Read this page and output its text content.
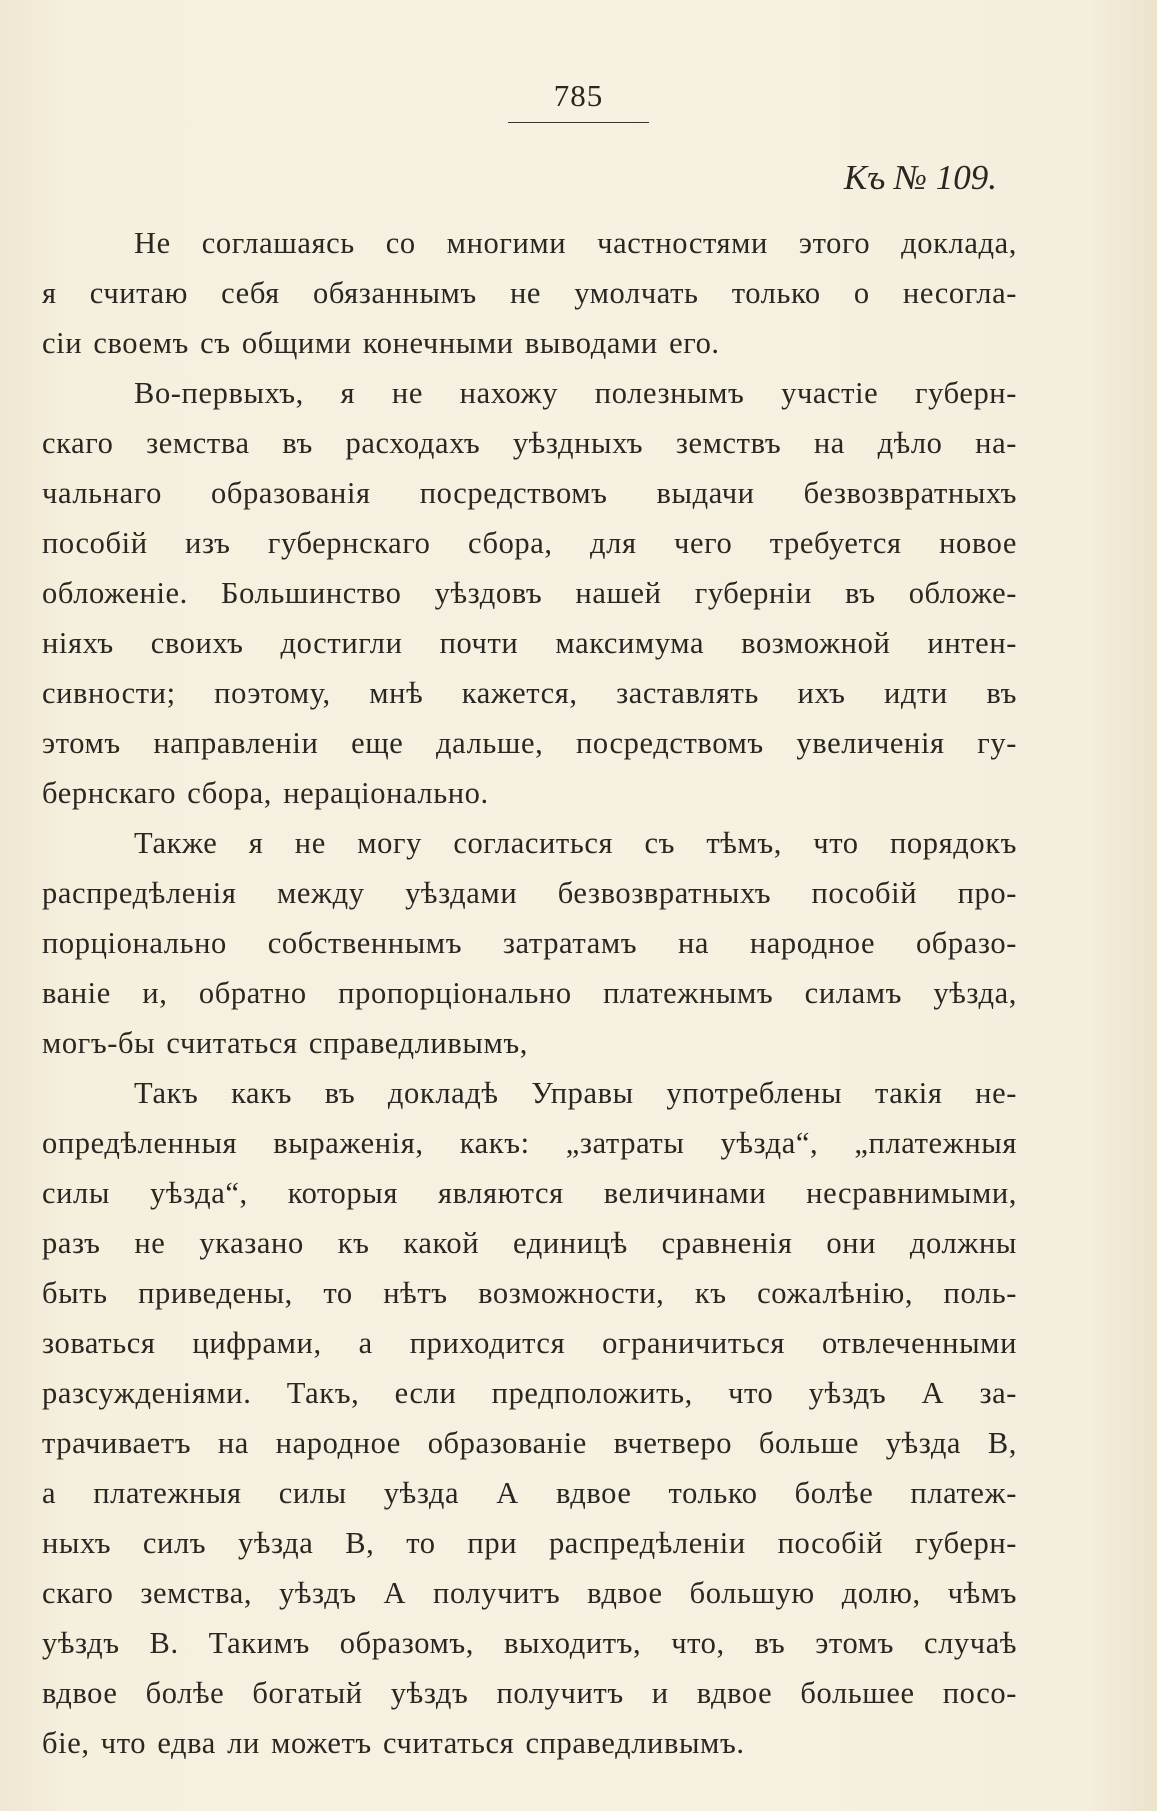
785
Къ № 109.
Не соглашаясь со многими частностями этого доклада,
я считаю себя обязаннымъ не умолчать только о несогла-
сіи своемъ съ общими конечными выводами его.
Во-первыхъ, я не нахожу полезнымъ участіе губерн-
скаго земства въ расходахъ уѣздныхъ земствъ на дѣло на-
чальнаго образованія посредствомъ выдачи безвозвратныхъ
пособій изъ губернскаго сбора, для чего требуется новое
обложеніе. Большинство уѣздовъ нашей губерніи въ обложе-
ніяхъ своихъ достигли почти максимума возможной интен-
сивности; поэтому, мнѣ кажется, заставлять ихъ идти въ
этомъ направленіи еще дальше, посредствомъ увеличенія гу-
бернскаго сбора, нераціонально.
Также я не могу согласиться съ тѣмъ, что порядокъ
распредѣленія между уѣздами безвозвратныхъ пособій про-
порціонально собственнымъ затратамъ на народное образо-
ваніе и, обратно пропорціонально платежнымъ силамъ уѣзда,
могъ-бы считаться справедливымъ,
Такъ какъ въ докладѣ Управы употреблены такія не-
опредѣленныя выраженія, какъ: „затраты уѣзда“, „платежныя
силы уѣзда“, которыя являются величинами несравнимыми,
разъ не указано къ какой единицѣ сравненія они должны
быть приведены, то нѣтъ возможности, къ сожалѣнію, поль-
зоваться цифрами, а приходится ограничиться отвлеченными
разсужденіями. Такъ, если предположить, что уѣздъ А за-
трачиваетъ на народное образованіе вчетверо больше уѣзда В,
а платежныя силы уѣзда А вдвое только болѣе платеж-
ныхъ силъ уѣзда В, то при распредѣленіи пособій губерн-
скаго земства, уѣздъ А получитъ вдвое большую долю, чѣмъ
уѣздъ В. Такимъ образомъ, выходитъ, что, въ этомъ случаѣ
вдвое болѣе богатый уѣздъ получитъ и вдвое большее посо-
біе, что едва ли можетъ считаться справедливымъ.
